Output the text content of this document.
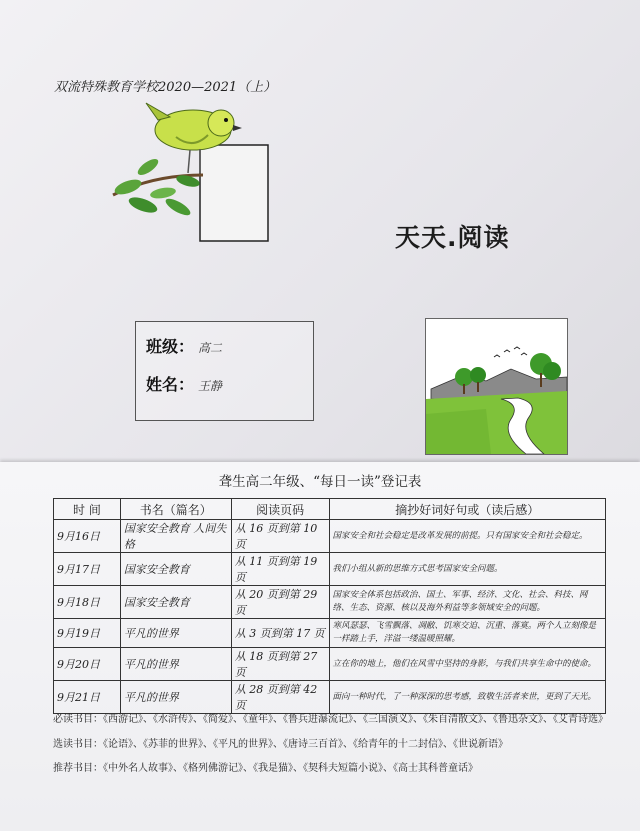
双流特殊教育学校2020—2021（上）
天天.阅读
班级： 高二
姓名： 王静
聋生高二年级、“每日一读”登记表
时 间	书名（篇名）	阅读页码	摘抄好词好句或（读后感）
9月16日	国家安全教育 人间失格	从 16 页到第 10 页	国家安全和社会稳定是改革发展的前提。只有国家安全和社会稳定。
9月17日	国家安全教育	从 11 页到第 19 页	我们小组从新的思维方式思考国家安全问题。
9月18日	国家安全教育	从 20 页到第 29 页	国家安全体系包括政治、国土、军事、经济、文化、社会、科技、网络、生态、资源、核以及海外利益等多领域安全的问题。
9月19日	平凡的世界	从 3 页到第 17 页	寒风瑟瑟、飞雪飘落、凋敝、饥寒交迫、沉重、落寞。两个人立刻像是一样踏上手，洋溢一缕温暖照耀。
9月20日	平凡的世界	从 18 页到第 27 页	立在你的地上，他们在风雪中坚持的身影，与我们共享生命中的使命。
9月21日	平凡的世界	从 28 页到第 42 页	面向一种时代，了一种深深的思考感，致敬生活者来世，更到了天光。
必读书目：《西游记》、《水浒传》、《简爱》、《童年》、《鲁兵进瀑流记》、《三国演义》、《朱自清散文》、《鲁迅杂文》、《艾青诗选》
选读书目：《论语》、《苏菲的世界》、《平凡的世界》、《唐诗三百首》、《给青年的十二封信》、《世说新语》
推荐书目：《中外名人故事》、《格列佛游记》、《我是猫》、《契科夫短篇小说》、《高士其科普童话》
